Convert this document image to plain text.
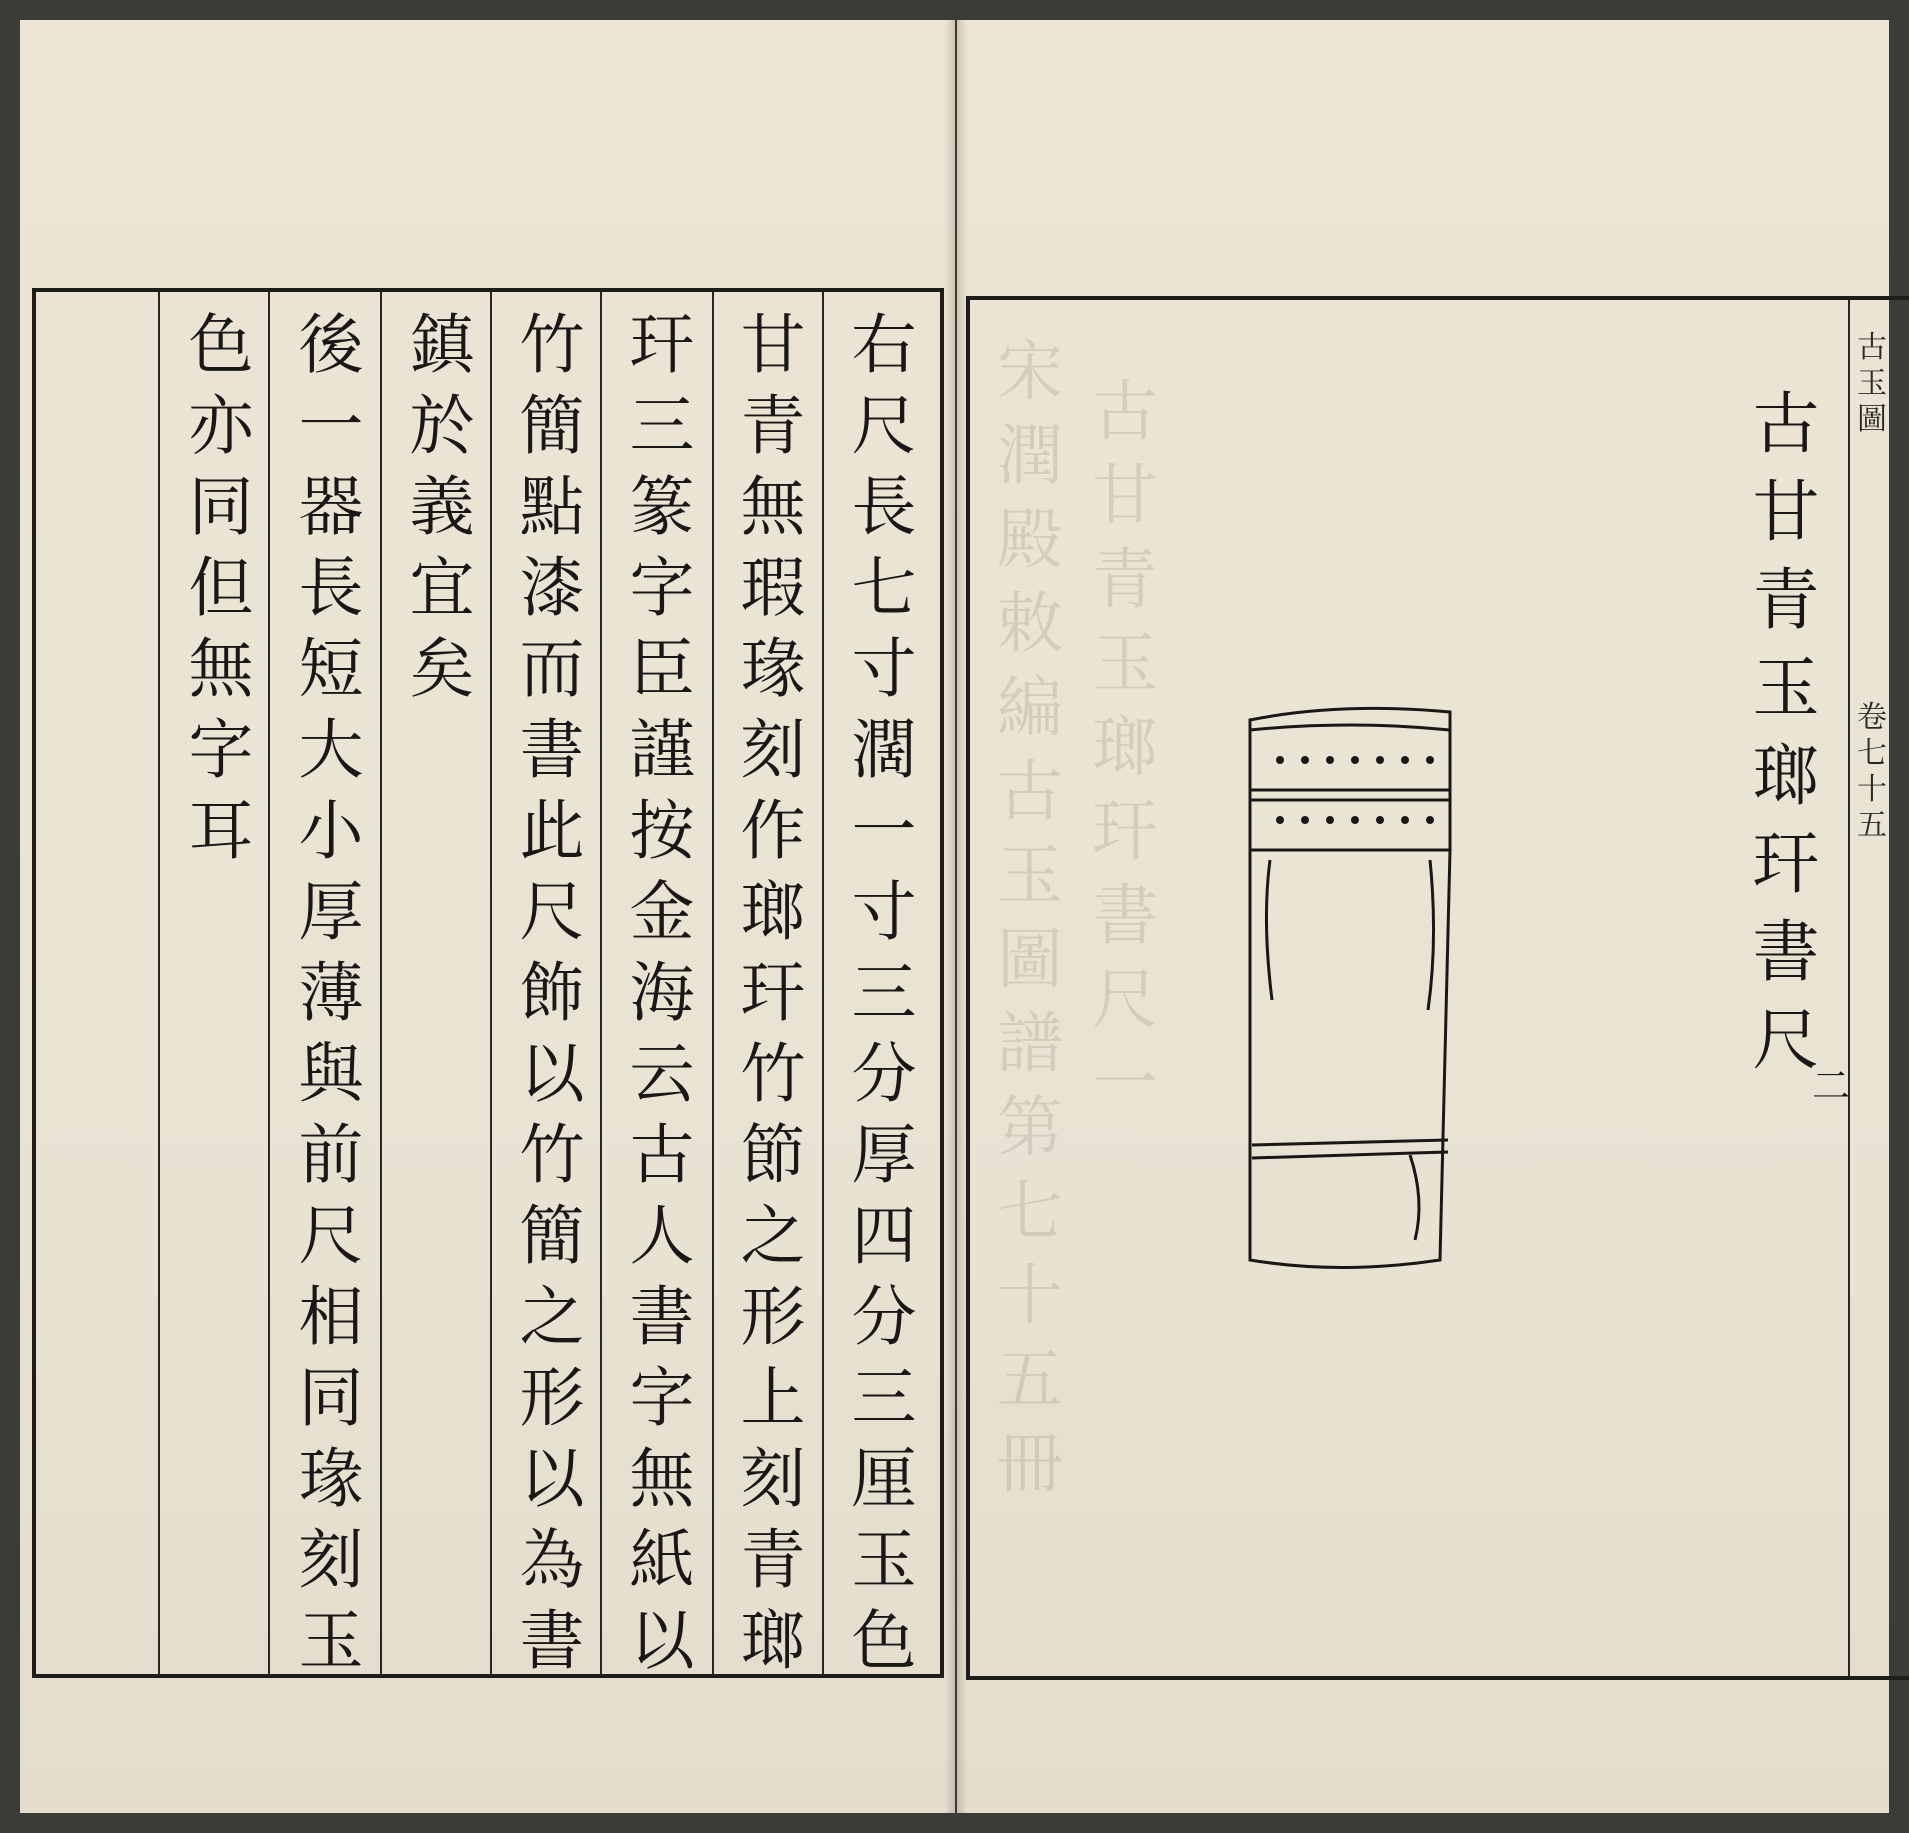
右
尺
長
七
寸
濶
一
寸
三
分
厚
四
分
三
厘
玉
色
甘
青
無
瑕
瑑
刻
作
瑯
玕
竹
節
之
形
上
刻
青
瑯
玕
三
篆
字
臣
謹
按
金
海
云
古
人
書
字
無
紙
以
竹
簡
點
漆
而
書
此
尺
飾
以
竹
簡
之
形
以
為
書
鎮
於
義
宜
矣
後
一
器
長
短
大
小
厚
薄
與
前
尺
相
同
瑑
刻
玉
色
亦
同
但
無
字
耳
古
甘
青
玉
瑯
玕
書
尺
一
宋
潤
殿
敕
編
古
玉
圖
譜
第
七
十
五
冊
古
甘
青
玉
瑯
玕
書
尺
二
古
玉
圖
卷
七
十
五
